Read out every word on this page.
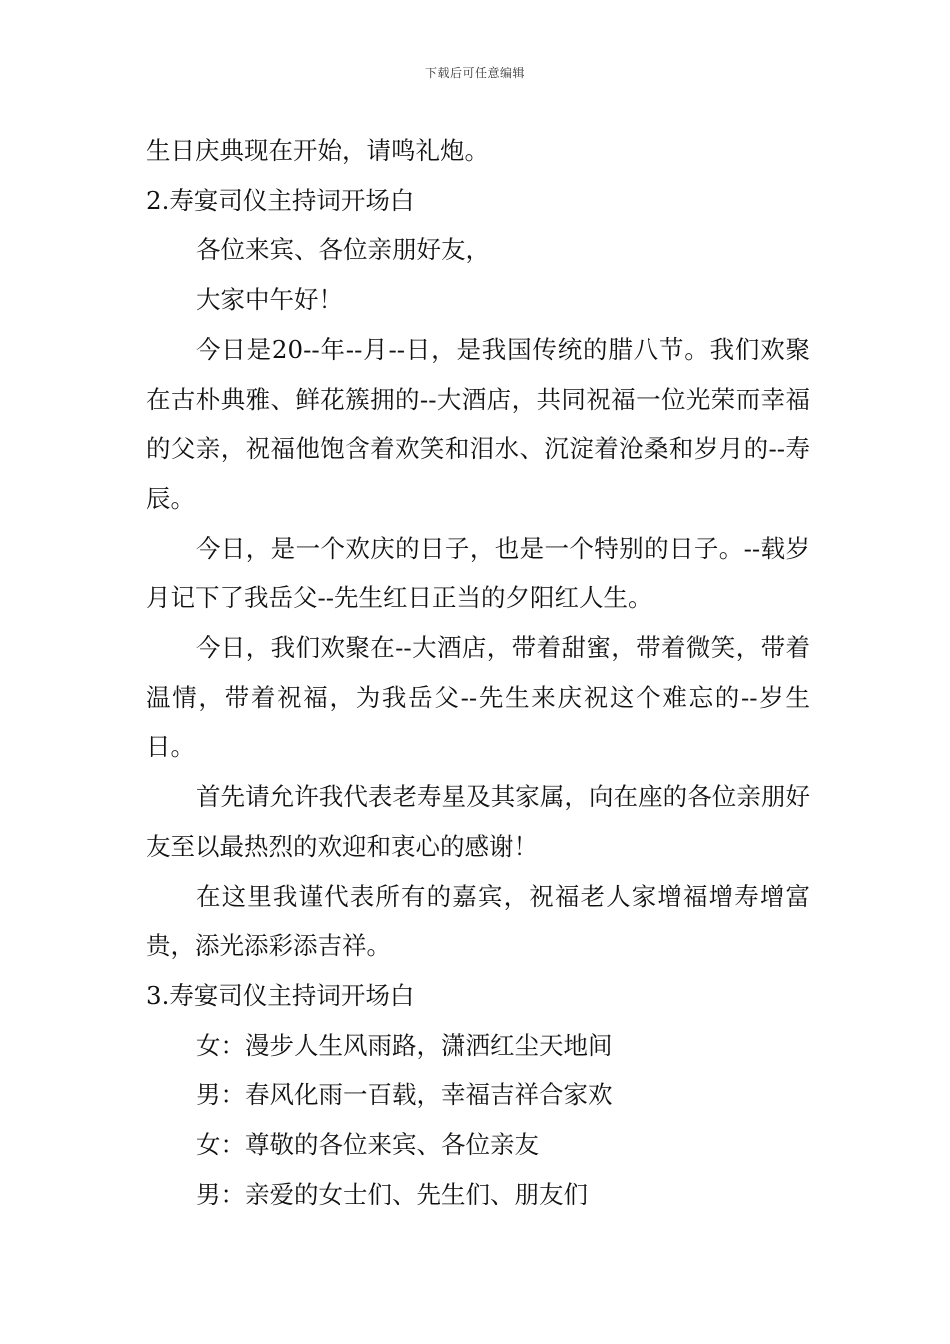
下载后可任意编辑

生日庆典现在开始，请鸣礼炮。

2.寿宴司仪主持词开场白

各位来宾、各位亲朋好友，

大家中午好！

今日是20--年--月--日，是我国传统的腊八节。我们欢聚在古朴典雅、鲜花簇拥的--大酒店，共同祝福一位光荣而幸福的父亲，祝福他饱含着欢笑和泪水、沉淀着沧桑和岁月的--寿辰。

今日，是一个欢庆的日子，也是一个特别的日子。--载岁月记下了我岳父--先生红日正当的夕阳红人生。

今日，我们欢聚在--大酒店，带着甜蜜，带着微笑，带着温情，带着祝福，为我岳父--先生来庆祝这个难忘的--岁生日。

首先请允许我代表老寿星及其家属，向在座的各位亲朋好友至以最热烈的欢迎和衷心的感谢！

在这里我谨代表所有的嘉宾，祝福老人家增福增寿增富贵，添光添彩添吉祥。

3.寿宴司仪主持词开场白

女：漫步人生风雨路，潇洒红尘天地间

男：春风化雨一百载，幸福吉祥合家欢

女：尊敬的各位来宾、各位亲友

男：亲爱的女士们、先生们、朋友们
